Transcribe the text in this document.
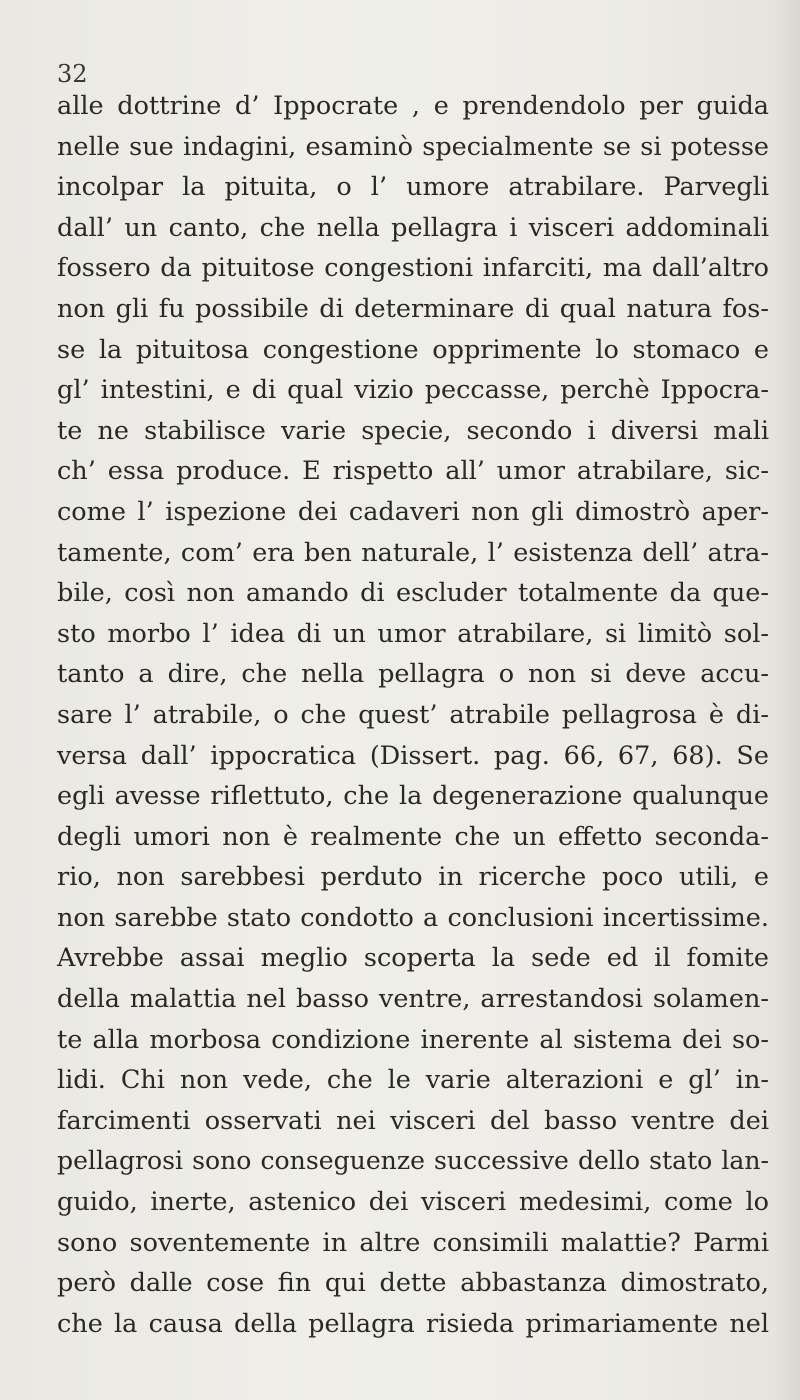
32
alle dottrine d’ Ippocrate , e prendendolo per guida
nelle sue indagini, esaminò specialmente se si potesse
incolpar la pituita, o l’ umore atrabilare. Parvegli
dall’ un canto, che nella pellagra i visceri addominali
fossero da pituitose congestioni infarciti, ma dall’altro
non gli fu possibile di determinare di qual natura fos-
se la pituitosa congestione opprimente lo stomaco e
gl’ intestini, e di qual vizio peccasse, perchè Ippocra-
te ne stabilisce varie specie, secondo i diversi mali
ch’ essa produce. E rispetto all’ umor atrabilare, sic-
come l’ ispezione dei cadaveri non gli dimostrò aper-
tamente, com’ era ben naturale, l’ esistenza dell’ atra-
bile, così non amando di escluder totalmente da que-
sto morbo l’ idea di un umor atrabilare, si limitò sol-
tanto a dire, che nella pellagra o non si deve accu-
sare l’ atrabile, o che quest’ atrabile pellagrosa è di-
versa dall’ ippocratica (Dissert. pag. 66, 67, 68). Se
egli avesse riflettuto, che la degenerazione qualunque
degli umori non è realmente che un effetto seconda-
rio, non sarebbesi perduto in ricerche poco utili, e
non sarebbe stato condotto a conclusioni incertissime.
Avrebbe assai meglio scoperta la sede ed il fomite
della malattia nel basso ventre, arrestandosi solamen-
te alla morbosa condizione inerente al sistema dei so-
lidi. Chi non vede, che le varie alterazioni e gl’ in-
farcimenti osservati nei visceri del basso ventre dei
pellagrosi sono conseguenze successive dello stato lan-
guido, inerte, astenico dei visceri medesimi, come lo
sono soventemente in altre consimili malattie? Parmi
però dalle cose fin qui dette abbastanza dimostrato,
che la causa della pellagra risieda primariamente nel
